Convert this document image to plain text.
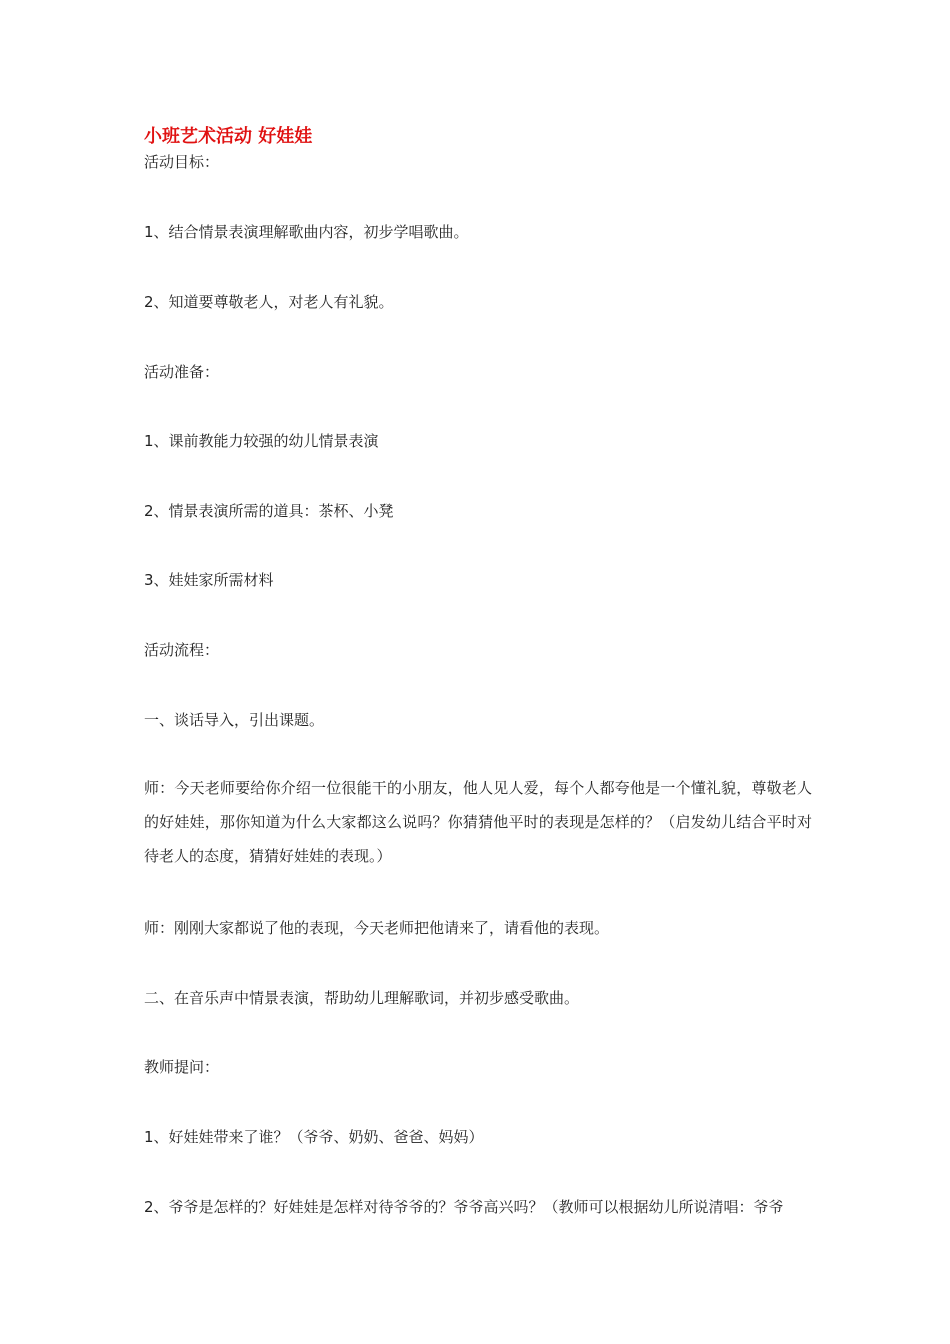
小班艺术活动 好娃娃
活动目标：
1、结合情景表演理解歌曲内容，初步学唱歌曲。
2、知道要尊敬老人，对老人有礼貌。
活动准备：
1、课前教能力较强的幼儿情景表演
2、情景表演所需的道具：茶杯、小凳
3、娃娃家所需材料
活动流程：
一、谈话导入，引出课题。
师：今天老师要给你介绍一位很能干的小朋友，他人见人爱，每个人都夸他是一个懂礼貌，尊敬老人的好娃娃，那你知道为什么大家都这么说吗？你猜猜他平时的表现是怎样的？（启发幼儿结合平时对待老人的态度，猜猜好娃娃的表现。）
师：刚刚大家都说了他的表现，今天老师把他请来了，请看他的表现。
二、在音乐声中情景表演，帮助幼儿理解歌词，并初步感受歌曲。
教师提问：
1、好娃娃带来了谁？（爷爷、奶奶、爸爸、妈妈）
2、爷爷是怎样的？好娃娃是怎样对待爷爷的？爷爷高兴吗？（教师可以根据幼儿所说清唱：爷爷
